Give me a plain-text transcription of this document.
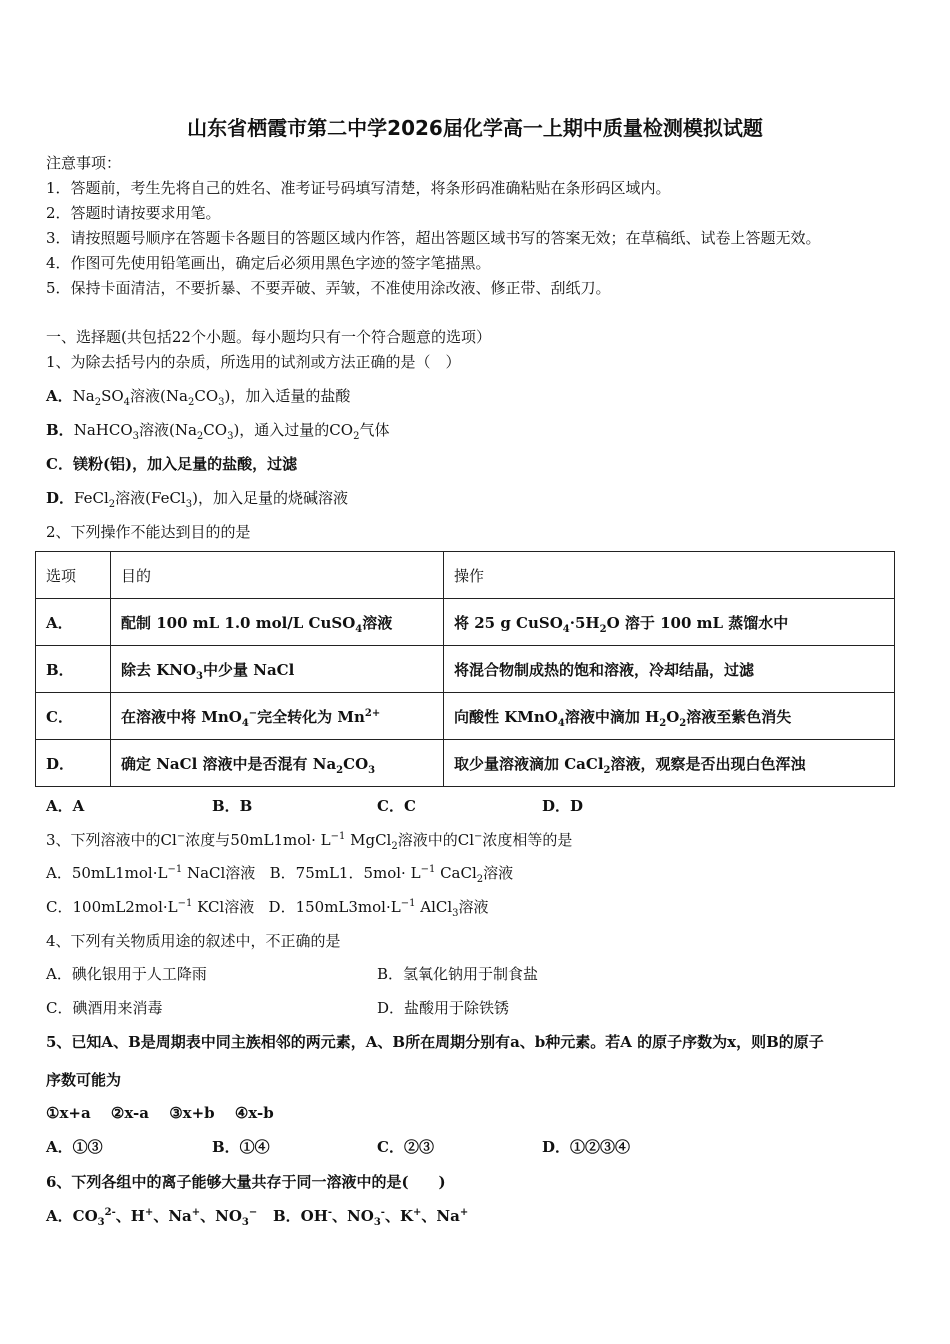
山东省栖霞市第二中学2026届化学高一上期中质量检测模拟试题
注意事项：
1．答题前，考生先将自己的姓名、准考证号码填写清楚，将条形码准确粘贴在条形码区域内。
2．答题时请按要求用笔。
3．请按照题号顺序在答题卡各题目的答题区域内作答，超出答题区域书写的答案无效；在草稿纸、试卷上答题无效。
4．作图可先使用铅笔画出，确定后必须用黑色字迹的签字笔描黑。
5．保持卡面清洁，不要折暴、不要弄破、弄皱，不准使用涂改液、修正带、刮纸刀。
一、选择题(共包括22个小题。每小题均只有一个符合题意的选项）
1、为除去括号内的杂质，所选用的试剂或方法正确的是（　）
A．$Na_2SO_4$溶液$(Na_2CO_3)$，加入适量的盐酸
B．NaHCO$_3$溶液$(Na_2CO_3)$，通入过量的$CO_2$气体
C．镁粉(铝)，加入足量的盐酸，过滤
D．FeCl$_2$溶液(FeCl$_3$)，加入足量的烧碱溶液
2、下列操作不能达到目的的是
选项	目的	操作
A．	配制 100 mL 1.0 mol/L CuSO$_4$溶液	将 25 g $CuSO_4\cdot 5H_2O$ 溶于 100 mL 蒸馏水中
B．	除去 $KNO_3$中少量 NaCl	将混合物制成热的饱和溶液，冷却结晶，过滤
C．	在溶液中将 MnO$_4$−完全转化为 $Mn^{2+}$	向酸性 KMnO$_4$溶液中滴加 $H_2O_2$溶液至紫色消失
D．	确定 NaCl 溶液中是否混有 $Na_2CO_3$	取少量溶液滴加 CaCl$_2$溶液，观察是否出现白色浑浊
A．A	B．B	C．C	D．D
3、下列溶液中的Cl−浓度与$50mL1mol\cdot L^{-1}$ MgCl$_2$溶液中的Cl−浓度相等的是
A．$50mL1mol\cdot L^{-1}$ NaCl溶液 B．75mL1．$5mol\cdot L^{-1}$ CaCl$_2$溶液
C．$100mL2mol\cdot L^{-1}$ KCl溶液 D．$150mL3mol\cdot L^{-1}$ AlCl$_3$溶液
4、下列有关物质用途的叙述中，不正确的是
A．碘化银用于人工降雨	B．氢氧化钠用于制食盐
C．碘酒用来消毒	D．盐酸用于除铁锈
5、已知A、B是周期表中同主族相邻的两元素，A、B所在周期分别有a、b种元素。若A 的原子序数为x，则B的原子
序数可能为
①x+a　 ②x-a　 ③x+b　 ④x-b
A．①③	B．①④	C．②③	D．①②③④
6、下列各组中的离子能够大量共存于同一溶液中的是(　　)
A．$CO_3^{2-}$、H+、Na+、$NO_3^-$ B．OH-、$NO_3^-$、K+、Na+
